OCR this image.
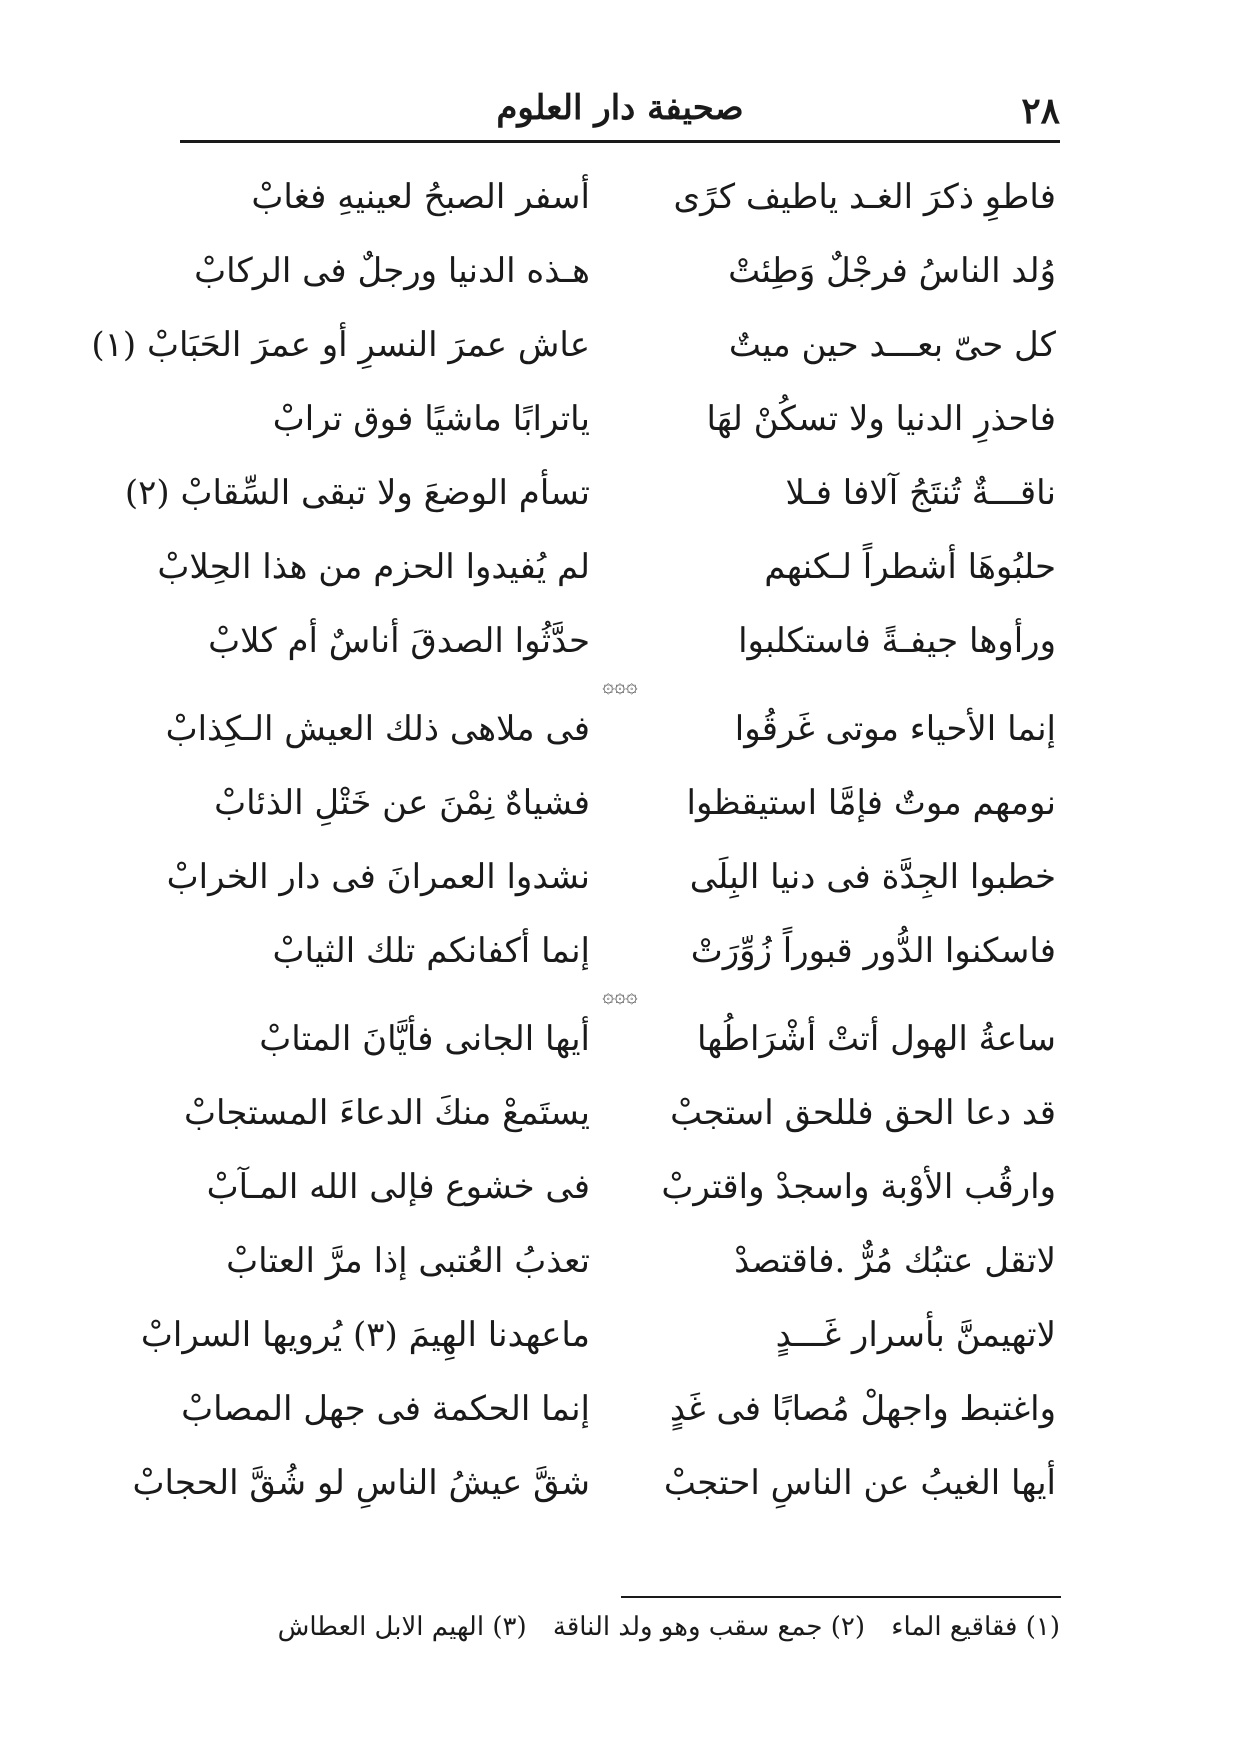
٢٨
صحيفة دار العلوم
فاطوِ ذكرَ الغـد ياطيف كرًى
أسفر الصبحُ لعينيهِ فغابْ
وُلد الناسُ فرجْلٌ وَطِئتْ
هـذه الدنيا ورجلٌ فى الركابْ
كل حىّ بعـــد حين ميتٌ
عاش عمرَ النسرِ أو عمرَ الحَبَابْ (١)
فاحذرِ الدنيا ولا تسكُنْ لهَا
ياترابًا ماشيًا فوق ترابْ
ناقـــةٌ تُنتَجُ آلافا فـلا
تسأم الوضعَ ولا تبقى السِّقابْ (٢)
حلبُوهَا أشطراً لـكنهم
لم يُفيدوا الحزم من هذا الحِلابْ
ورأوها جيفـةً فاستكلبوا
حدَّثُوا الصدقَ أناسٌ أم كلابْ
۞۞۞
إنما الأحياء موتى غَرقُوا
فى ملاهى ذلك العيش الـكِذابْ
نومهم موتٌ فإمَّا استيقظوا
فشياهٌ نِمْنَ عن خَتْلِ الذئابْ
خطبوا الجِدَّة فى دنيا البِلَى
نشدوا العمرانَ فى دار الخرابْ
فاسكنوا الدُّور قبوراً زُوِّرَتْ
إنما أكفانكم تلك الثيابْ
۞۞۞
ساعةُ الهول أتتْ أشْرَاطُها
أيها الجانى فأيَّانَ المتابْ
قد دعا الحق فللحق استجبْ
يستَمعْ منكَ الدعاءَ المستجابْ
وارقُب الأوْبة واسجدْ واقتربْ
فى خشوع فإلى الله المـآبْ
لاتقل عتبُك مُرٌّ .فاقتصدْ
تعذبُ العُتبى إذا مرَّ العتابْ
لاتهيمنَّ بأسرار غَـــدٍ
ماعهدنا الهِيمَ (٣) يُرويها السرابْ
واغتبط واجهلْ مُصابًا فى غَدٍ
إنما الحكمة فى جهل المصابْ
أيها الغيبُ عن الناسِ احتجبْ
شقَّ عيشُ الناسِ لو شُقَّ الحجابْ
(١) فقاقيع الماء (٢) جمع سقب وهو ولد الناقة (٣) الهيم الابل العطاش
